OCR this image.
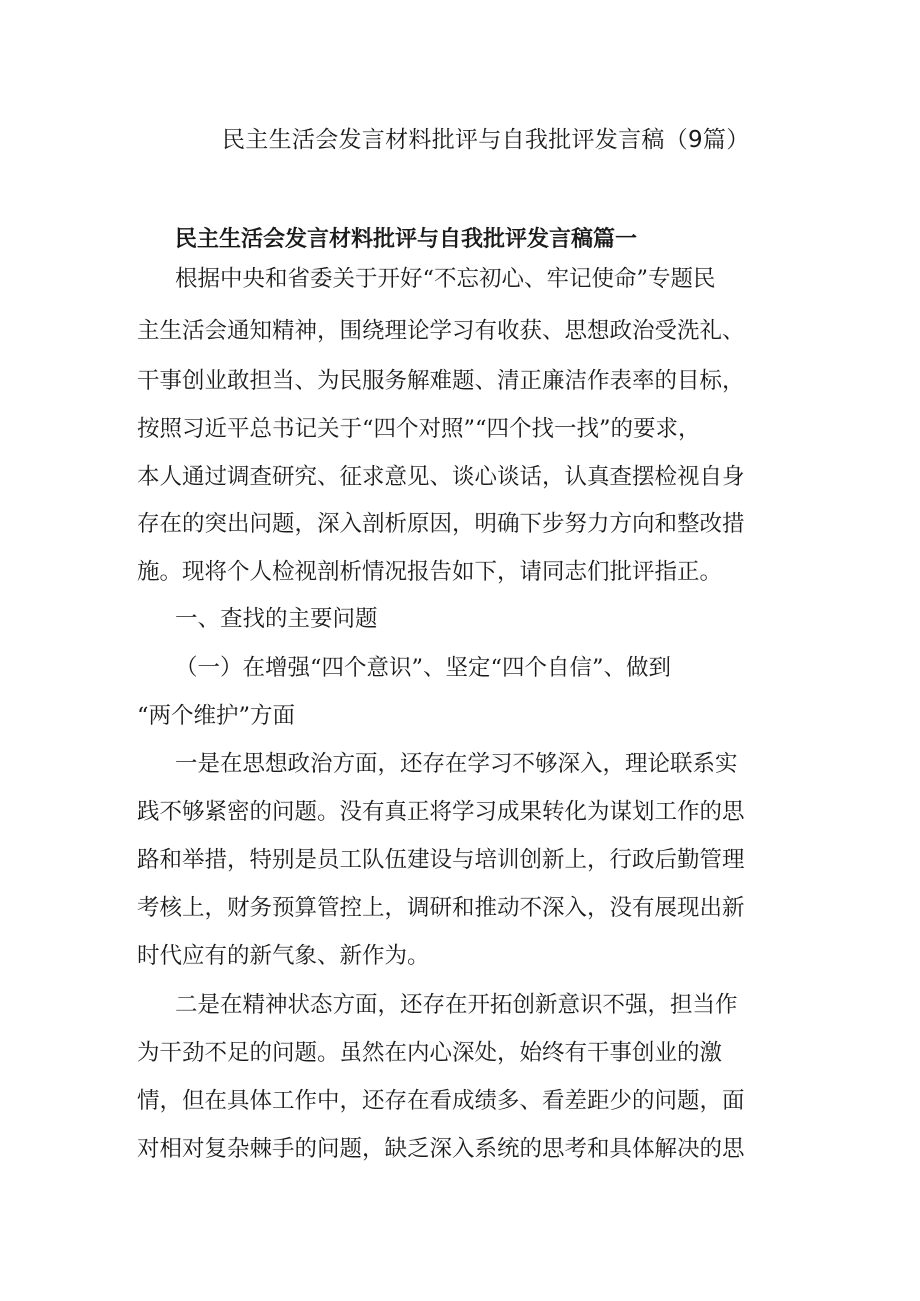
民主生活会发言材料批评与自我批评发言稿（9篇）
民主生活会发言材料批评与自我批评发言稿篇一
根据中央和省委关于开好“不忘初心、牢记使命”专题民
主生活会通知精神，围绕理论学习有收获、思想政治受洗礼、
干事创业敢担当、为民服务解难题、清正廉洁作表率的目标，
按照习近平总书记关于“四个对照”“四个找一找”的要求，
本人通过调查研究、征求意见、谈心谈话，认真查摆检视自身
存在的突出问题，深入剖析原因，明确下步努力方向和整改措
施。现将个人检视剖析情况报告如下，请同志们批评指正。
一、查找的主要问题
（一）在增强“四个意识”、坚定“四个自信”、做到
“两个维护”方面
一是在思想政治方面，还存在学习不够深入，理论联系实
践不够紧密的问题。没有真正将学习成果转化为谋划工作的思
路和举措，特别是员工队伍建设与培训创新上，行政后勤管理
考核上，财务预算管控上，调研和推动不深入，没有展现出新
时代应有的新气象、新作为。
二是在精神状态方面，还存在开拓创新意识不强，担当作
为干劲不足的问题。虽然在内心深处，始终有干事创业的激
情，但在具体工作中，还存在看成绩多、看差距少的问题，面
对相对复杂棘手的问题，缺乏深入系统的思考和具体解决的思
